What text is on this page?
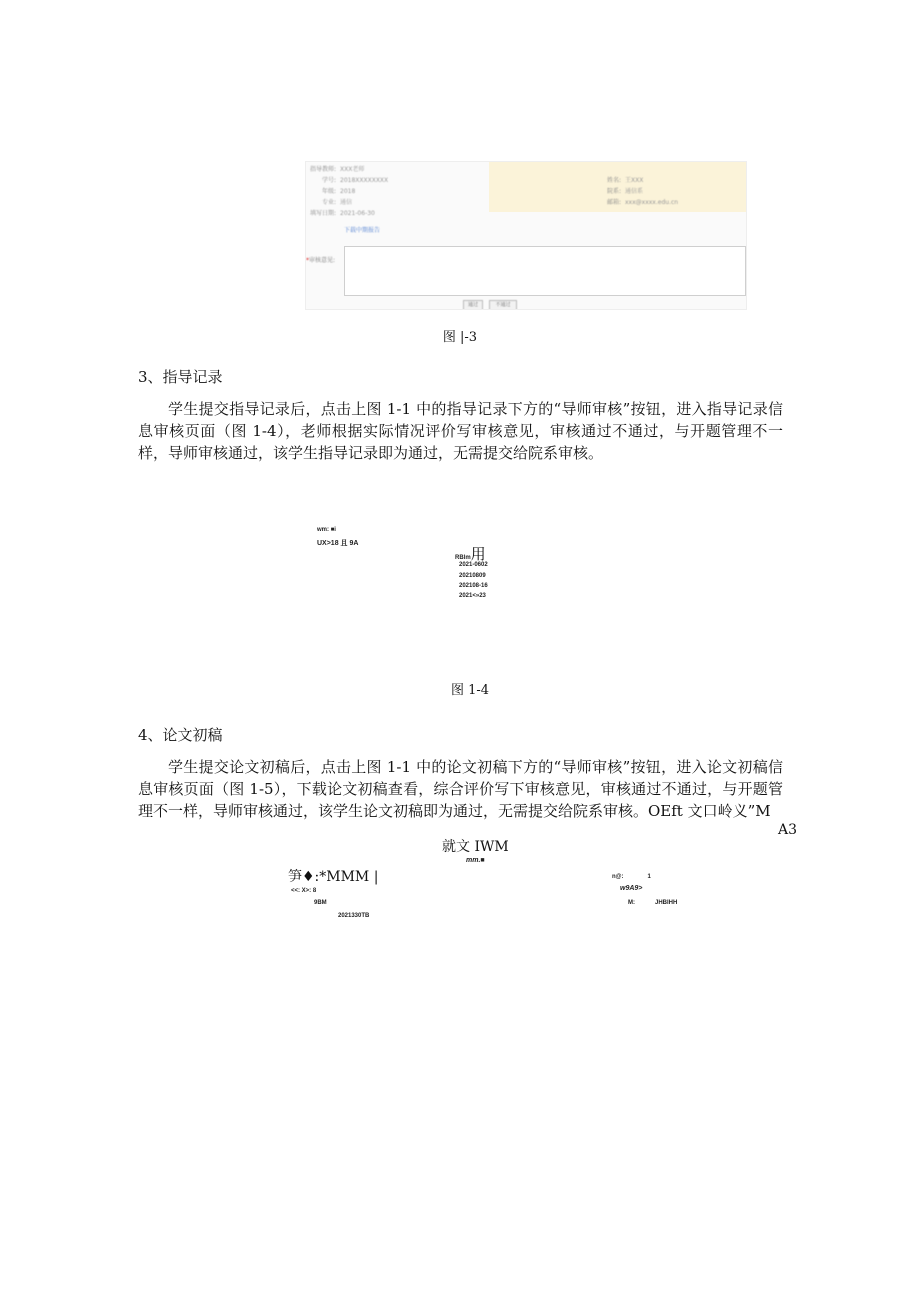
指导教师: XXX老师
学号: 2018XXXXXXXX
年级: 2018
专业: 通信
填写日期: 2021-06-30
姓名: 王XXX
院系: 通信系
邮箱: xxx@xxxx.edu.cn
下载中期报告
*审核意见:
通过	不通过
图 |-3
3、指导记录
学生提交指导记录后，点击上图 1-1 中的指导记录下方的“导师审核”按钮，进入指导记录信息审核页面（图 1-4），老师根据实际情况评价写审核意见，审核通过不通过，与开题管理不一样，导师审核通过，该学生指导记录即为通过，无需提交给院系审核。
wm: ■i
UX>18 且 9A
RBlm用
2021-0602
20210809
202108-16
2021<»23
图 1-4
4、论文初稿
学生提交论文初稿后，点击上图 1-1 中的论文初稿下方的“导师审核”按钮，进入论文初稿信息审核页面（图 1-5），下载论文初稿查看，综合评价写下审核意见，审核通过不通过，与开题管理不一样，导师审核通过，该学生论文初稿即为通过，无需提交给院系审核。OEft 文口岭义”M
A3
就文 IWM
mm.■
笋♦:*MMM |
<<: X>: 8
9BM
2021330TB
n@:	1
w9A9>
M:	JHBIHH
